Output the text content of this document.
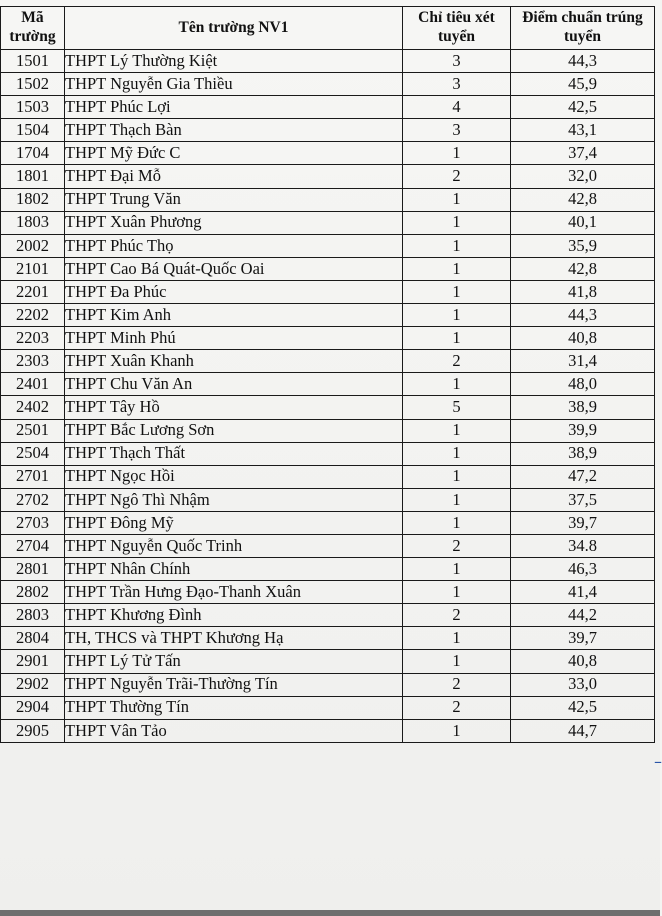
Mã trường	Tên trường NV1	Chỉ tiêu xét tuyển	Điểm chuẩn trúng tuyển
1501	THPT Lý Thường Kiệt	3	44,3
1502	THPT Nguyễn Gia Thiều	3	45,9
1503	THPT Phúc Lợi	4	42,5
1504	THPT Thạch Bàn	3	43,1
1704	THPT Mỹ Đức C	1	37,4
1801	THPT Đại Mỗ	2	32,0
1802	THPT Trung Văn	1	42,8
1803	THPT Xuân Phương	1	40,1
2002	THPT Phúc Thọ	1	35,9
2101	THPT Cao Bá Quát-Quốc Oai	1	42,8
2201	THPT Đa Phúc	1	41,8
2202	THPT Kim Anh	1	44,3
2203	THPT Minh Phú	1	40,8
2303	THPT Xuân Khanh	2	31,4
2401	THPT Chu Văn An	1	48,0
2402	THPT Tây Hồ	5	38,9
2501	THPT Bắc Lương Sơn	1	39,9
2504	THPT Thạch Thất	1	38,9
2701	THPT Ngọc Hồi	1	47,2
2702	THPT Ngô Thì Nhậm	1	37,5
2703	THPT Đông Mỹ	1	39,7
2704	THPT Nguyễn Quốc Trinh	2	34.8
2801	THPT Nhân Chính	1	46,3
2802	THPT Trần Hưng Đạo-Thanh Xuân	1	41,4
2803	THPT Khương Đình	2	44,2
2804	TH, THCS và THPT Khương Hạ	1	39,7
2901	THPT Lý Tử Tấn	1	40,8
2902	THPT Nguyễn Trãi-Thường Tín	2	33,0
2904	THPT Thường Tín	2	42,5
2905	THPT Vân Tảo	1	44,7
–
